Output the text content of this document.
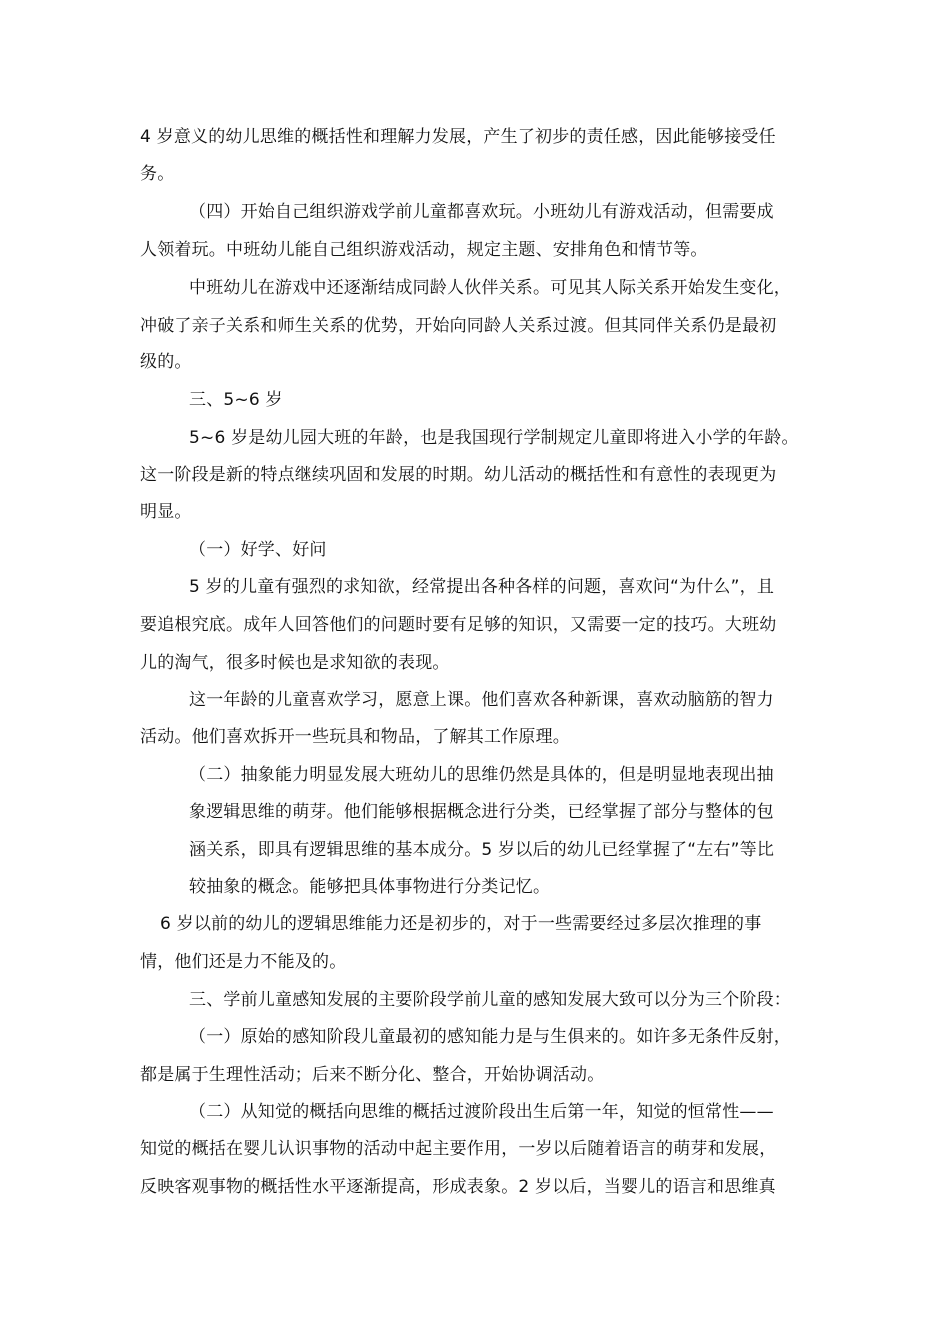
4 岁意义的幼儿思维的概括性和理解力发展，产生了初步的责任感，因此能够接受任
务。
（四）开始自己组织游戏学前儿童都喜欢玩。小班幼儿有游戏活动，但需要成
人领着玩。中班幼儿能自己组织游戏活动，规定主题、安排角色和情节等。
中班幼儿在游戏中还逐渐结成同龄人伙伴关系。可见其人际关系开始发生变化，
冲破了亲子关系和师生关系的优势，开始向同龄人关系过渡。但其同伴关系仍是最初
级的。
三、5~6 岁
5~6 岁是幼儿园大班的年龄，也是我国现行学制规定儿童即将进入小学的年龄。
这一阶段是新的特点继续巩固和发展的时期。幼儿活动的概括性和有意性的表现更为
明显。
（一）好学、好问
5 岁的儿童有强烈的求知欲，经常提出各种各样的问题，喜欢问“为什么”，且
要追根究底。成年人回答他们的问题时要有足够的知识，又需要一定的技巧。大班幼
儿的淘气，很多时候也是求知欲的表现。
这一年龄的儿童喜欢学习，愿意上课。他们喜欢各种新课，喜欢动脑筋的智力
活动。他们喜欢拆开一些玩具和物品，了解其工作原理。
（二）抽象能力明显发展大班幼儿的思维仍然是具体的，但是明显地表现出抽
象逻辑思维的萌芽。他们能够根据概念进行分类，已经掌握了部分与整体的包
涵关系，即具有逻辑思维的基本成分。5 岁以后的幼儿已经掌握了“左右”等比
较抽象的概念。能够把具体事物进行分类记忆。
6 岁以前的幼儿的逻辑思维能力还是初步的，对于一些需要经过多层次推理的事
情，他们还是力不能及的。
三、学前儿童感知发展的主要阶段学前儿童的感知发展大致可以分为三个阶段：
（一）原始的感知阶段儿童最初的感知能力是与生俱来的。如许多无条件反射，
都是属于生理性活动；后来不断分化、整合，开始协调活动。
（二）从知觉的概括向思维的概括过渡阶段出生后第一年，知觉的恒常性——
知觉的概括在婴儿认识事物的活动中起主要作用，一岁以后随着语言的萌芽和发展，
反映客观事物的概括性水平逐渐提高，形成表象。2 岁以后，当婴儿的语言和思维真
